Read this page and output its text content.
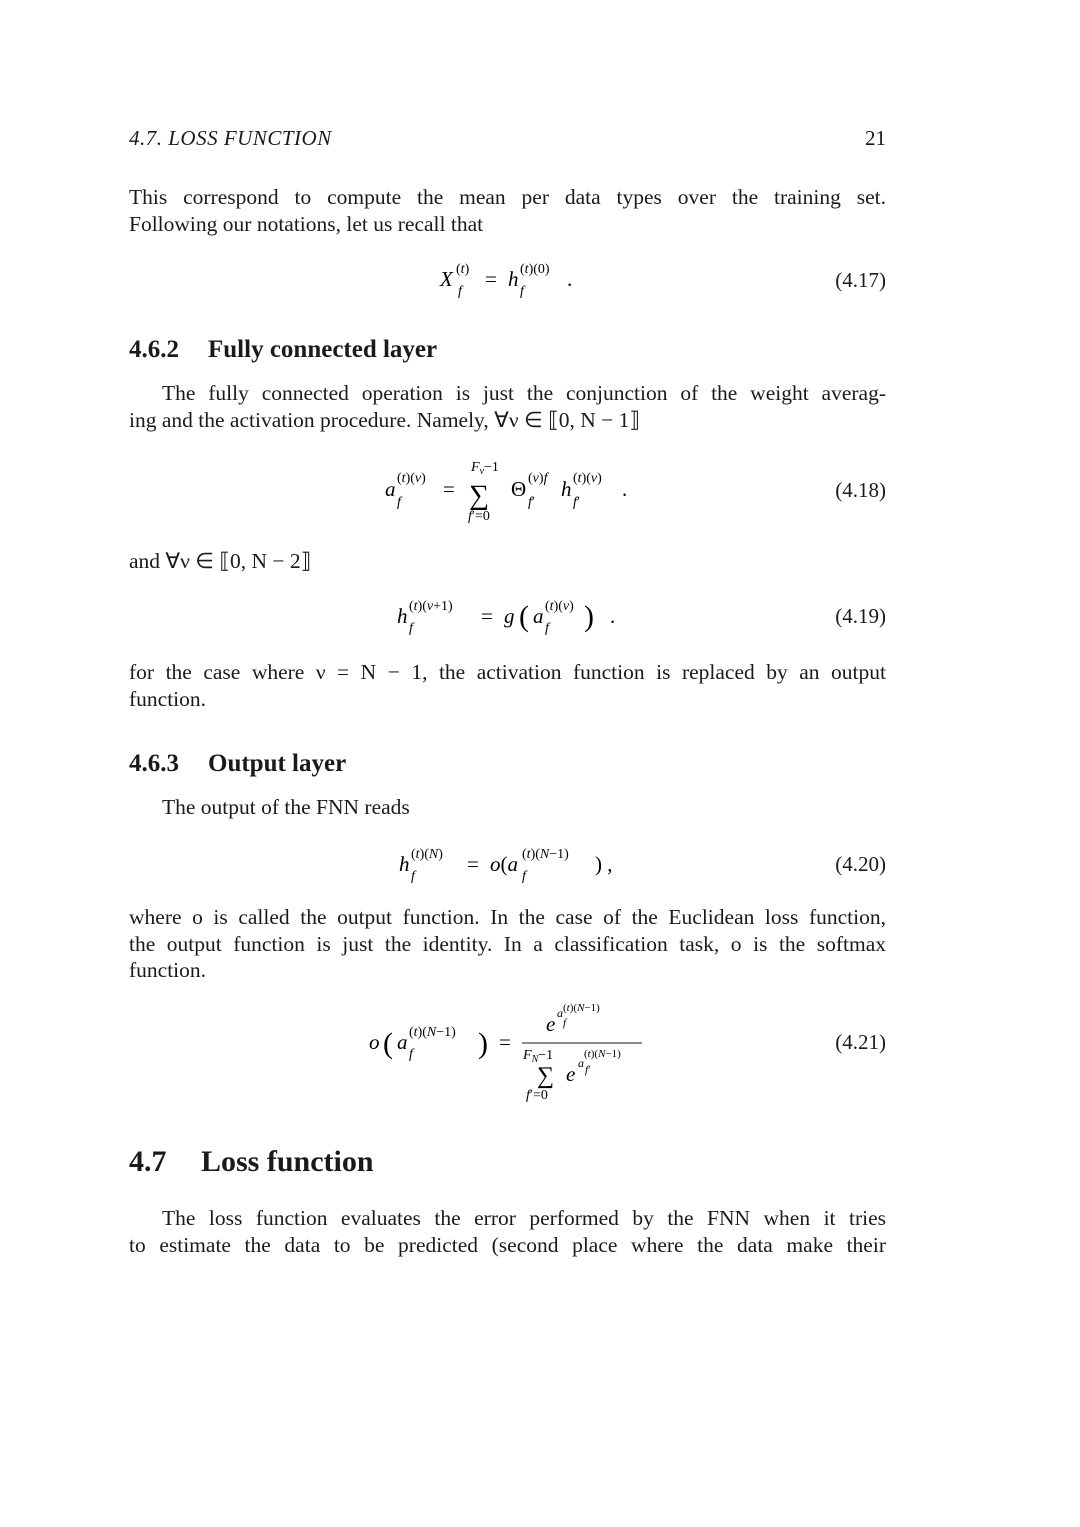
4.7. LOSS FUNCTION	21
This correspond to compute the mean per data types over the training set.
Following our notations, let us recall that
X (t)
f
= h (t)(0)
f
.	(4.17)
4.6.2 Fully connected layer
The fully connected operation is just the conjunction of the weight averag-
ing and the activation procedure. Namely, ∀ν ∈ ⟦0, N − 1⟧
a (t)(ν)
f
=
$F_\nu-1$
∑
f′=0
Θ (ν)f
f′
h (t)(ν)
f′
.	(4.18)
and ∀ν ∈ ⟦0, N − 2⟧
h (t)(ν+1)
f
= g ( a (t)(ν)
f ) .	(4.19)
for the case where ν = N − 1, the activation function is replaced by an output
function.
4.6.3 Output layer
The output of the FNN reads
h (t)(N)
f
= o(a (t)(N−1)
f
) ,	(4.20)
where o is called the output function. In the case of the Euclidean loss function,
the output function is just the identity. In a classification task, o is the softmax
function.
o ( a (t)(N−1)
f ) =
e a (t)(N−1)
f
$F_N-1$
∑
f′=0
e a
(t)(N−1)
f′
(4.21)
4.7 Loss function
The loss function evaluates the error performed by the FNN when it tries
to estimate the data to be predicted (second place where the data make their
